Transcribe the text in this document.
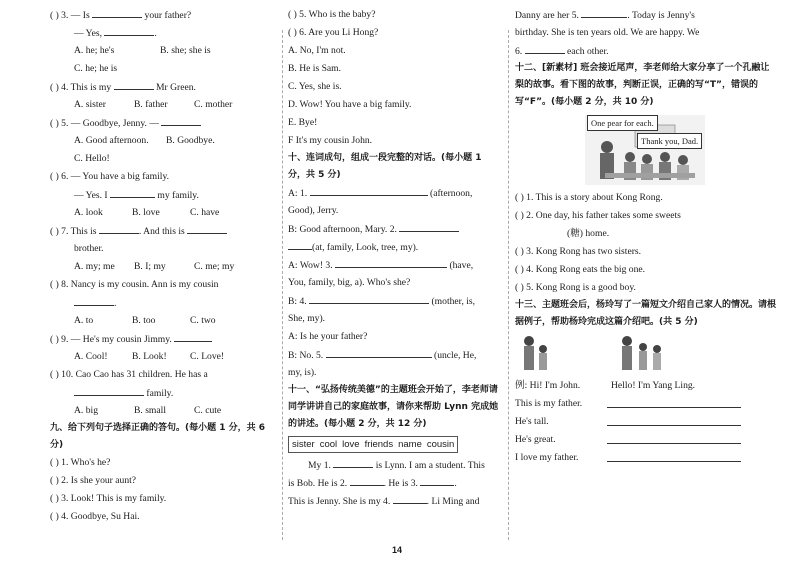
( ) 3. — Is	your father?
— Yes,	.
A. he; he's	B. she; she is
C. he; he is
( ) 4. This is my	Mr Green.
A. sister	B. father	C. mother
( ) 5. — Goodbye, Jenny. —
A. Good afternoon. B. Goodbye.
C. Hello!
( ) 6. — You have a big family.
— Yes. I	my family.
A. look	B. love	C. have
( ) 7. This is	. And this is
brother.
A. my; me B. I; my	C. me; my
( ) 8. Nancy is my cousin. Ann is my cousin
.
A. to	B. too	C. two
( ) 9. — He's my cousin Jimmy.
A. Cool!	B. Look! C. Love!
( ) 10. Cao Cao has 31 children. He has a
family.
A. big	B. small	C. cute
九、给下列句子选择正确的答句。(每小题 1 分，共 6 分)
( ) 1. Who's he?
( ) 2. Is she your aunt?
( ) 3. Look! This is my family.
( ) 4. Goodbye, Su Hai.
( ) 5. Who is the baby?
( ) 6. Are you Li Hong?
A. No, I'm not.
B. He is Sam.
C. Yes, she is.
D. Wow! You have a big family.
E. Bye!
F It's my cousin John.
十、连词成句，组成一段完整的对话。(每小题 1 分，共 5 分)
A: 1.	(afternoon,
Good), Jerry.
B: Good afternoon, Mary. 2.
(at, family, Look, tree, my).
A: Wow! 3.	(have,
You, family, big, a). Who's she?
B: 4.	(mother, is,
She, my).
A: Is he your father?
B: No. 5.	(uncle, He,
my, is).
十一、“弘扬传统美德”的主题班会开始了，李老师请同学讲讲自己的家庭故事，请你来帮助 Lynn 完成她的讲述。(每小题 2 分，共 12 分)
sister cool love friends name cousin
My 1.	is Lynn. I am a student. This
is Bob. He is 2.	. He is 3.	.
This is Jenny. She is my 4.	. Li Ming and
Danny are her 5.	. Today is Jenny's
birthday. She is ten years old. We are happy. We
6.	each other.
十二、[新素材] 班会接近尾声，李老师给大家分享了一个孔融让梨的故事。看下图的故事，判断正误，正确的写“T”，错误的写“F”。(每小题 2 分，共 10 分)
One pear for each.
Thank you, Dad.
( ) 1. This is a story about Kong Rong.
( ) 2. One day, his father takes some sweets
(糖) home.
( ) 3. Kong Rong has two sisters.
( ) 4. Kong Rong eats the big one.
( ) 5. Kong Rong is a good boy.
十三、主题班会后，杨玲写了一篇短文介绍自己家人的情况。请根据例子，帮助杨玲完成这篇介绍吧。(共 5 分)
例: Hi! I'm John.	Hello! I'm Yang Ling.
This is my father.
He's tall.
He's great.
I love my father.
14
